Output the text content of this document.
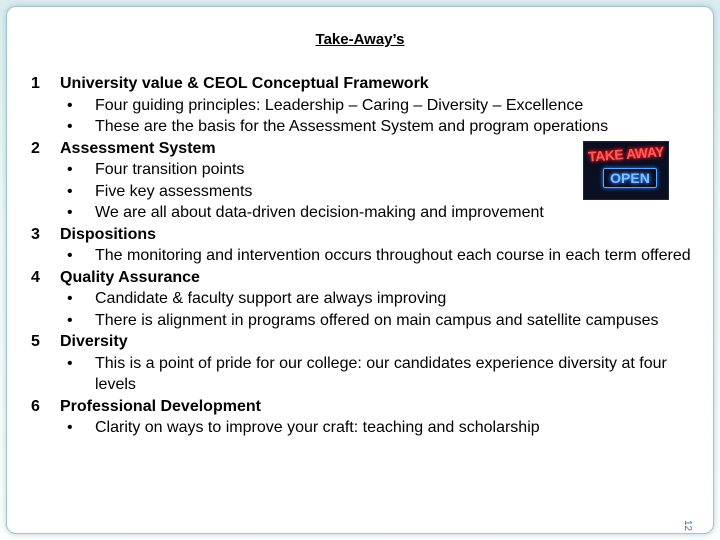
Take-Away’s
1	University value & CEOL Conceptual Framework
• Four guiding principles: Leadership – Caring – Diversity – Excellence
• These are the basis for the Assessment System and program operations
2	Assessment System
• Four transition points
• Five key assessments
• We are all about data-driven decision-making and improvement
3	Dispositions
• The monitoring and intervention occurs throughout each course in each term offered
4	Quality Assurance
• Candidate & faculty support are always improving
• There is alignment in programs offered on main campus and satellite campuses
5	Diversity
• This is a point of pride for our college: our candidates experience diversity at four levels
6	Professional Development
• Clarity on ways to improve your craft: teaching and scholarship
TAKE AWAY
OPEN
12
